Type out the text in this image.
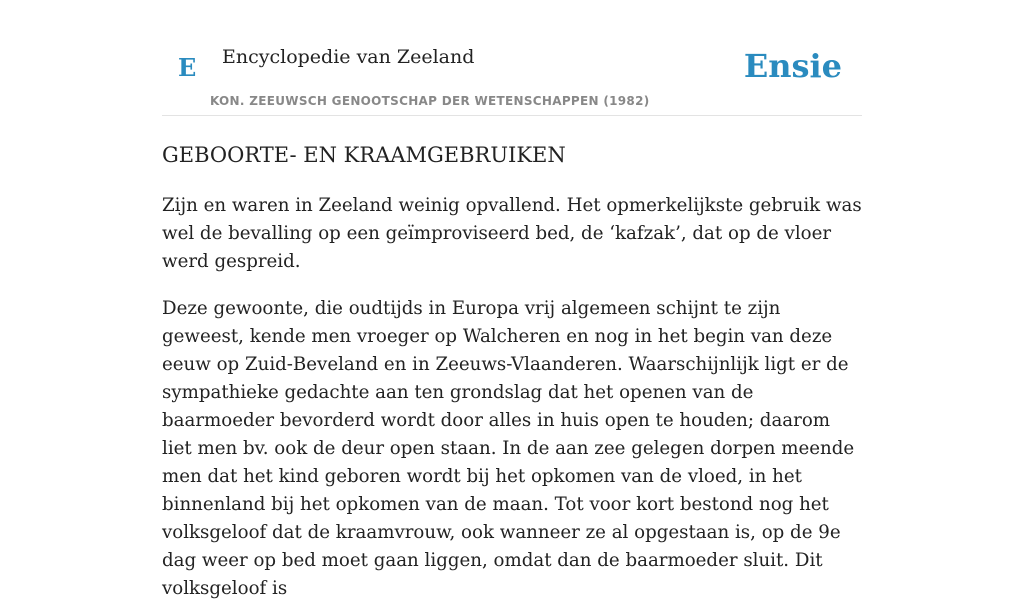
E Encyclopedie van Zeeland
KON. ZEEUWSCH GENOOTSCHAP DER WETENSCHAPPEN (1982)
Ensie
GEBOORTE- EN KRAAMGEBRUIKEN

Zijn en waren in Zeeland weinig opvallend. Het opmerkelijkste gebruik was wel de bevalling op een geïmproviseerd bed, de ‘kafzak’, dat op de vloer werd gespreid.

Deze gewoonte, die oudtijds in Europa vrij algemeen schijnt te zijn geweest, kende men vroeger op Walcheren en nog in het begin van deze eeuw op Zuid-Beveland en in Zeeuws-Vlaanderen. Waarschijnlijk ligt er de sympathieke gedachte aan ten grondslag dat het openen van de baarmoeder bevorderd wordt door alles in huis open te houden; daarom liet men bv. ook de deur open staan. In de aan zee gelegen dorpen meende men dat het kind geboren wordt bij het opkomen van de vloed, in het binnenland bij het opkomen van de maan. Tot voor kort bestond nog het volksgeloof dat de kraamvrouw, ook wanneer ze al opgestaan is, op de 9e dag weer op bed moet gaan liggen, omdat dan de baarmoeder sluit. Dit volksgeloof is
